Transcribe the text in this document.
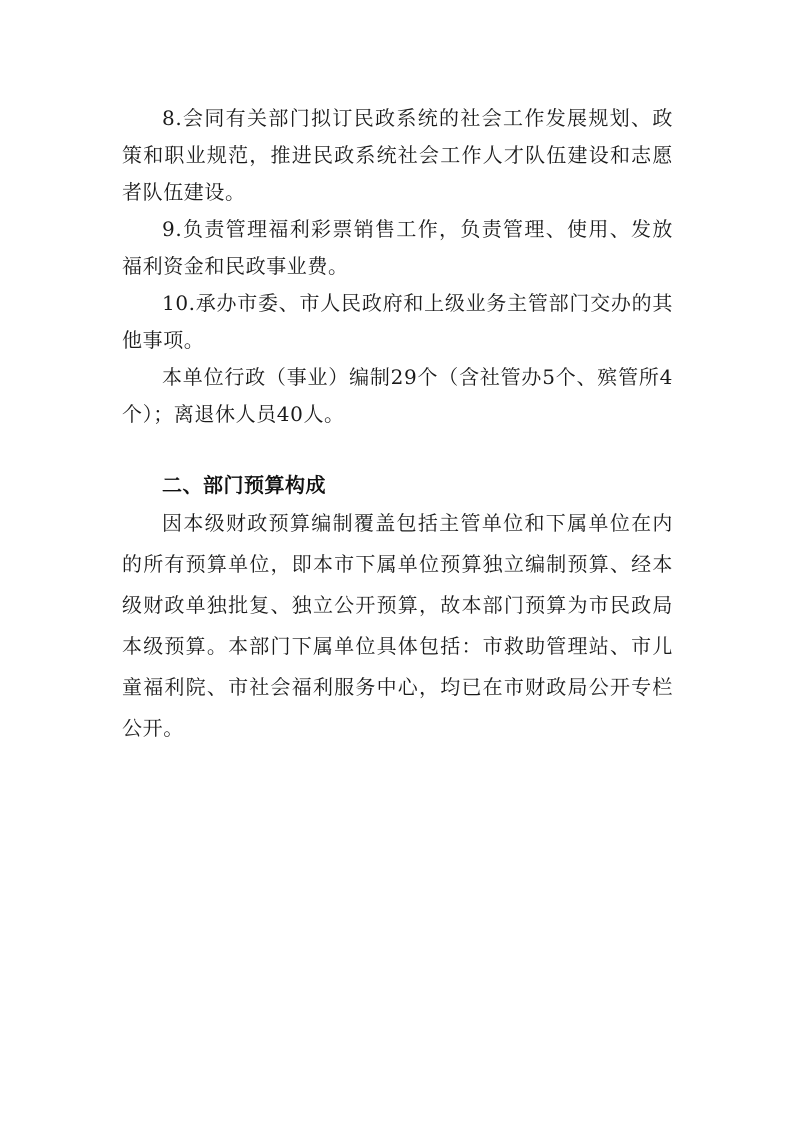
8.会同有关部门拟订民政系统的社会工作发展规划、政策和职业规范，推进民政系统社会工作人才队伍建设和志愿者队伍建设。

9.负责管理福利彩票销售工作，负责管理、使用、发放福利资金和民政事业费。

10.承办市委、市人民政府和上级业务主管部门交办的其他事项。

本单位行政（事业）编制29个（含社管办5个、殡管所4个）；离退休人员40人。

二、部门预算构成

因本级财政预算编制覆盖包括主管单位和下属单位在内的所有预算单位，即本市下属单位预算独立编制预算、经本级财政单独批复、独立公开预算，故本部门预算为市民政局本级预算。本部门下属单位具体包括：市救助管理站、市儿童福利院、市社会福利服务中心，均已在市财政局公开专栏公开。
